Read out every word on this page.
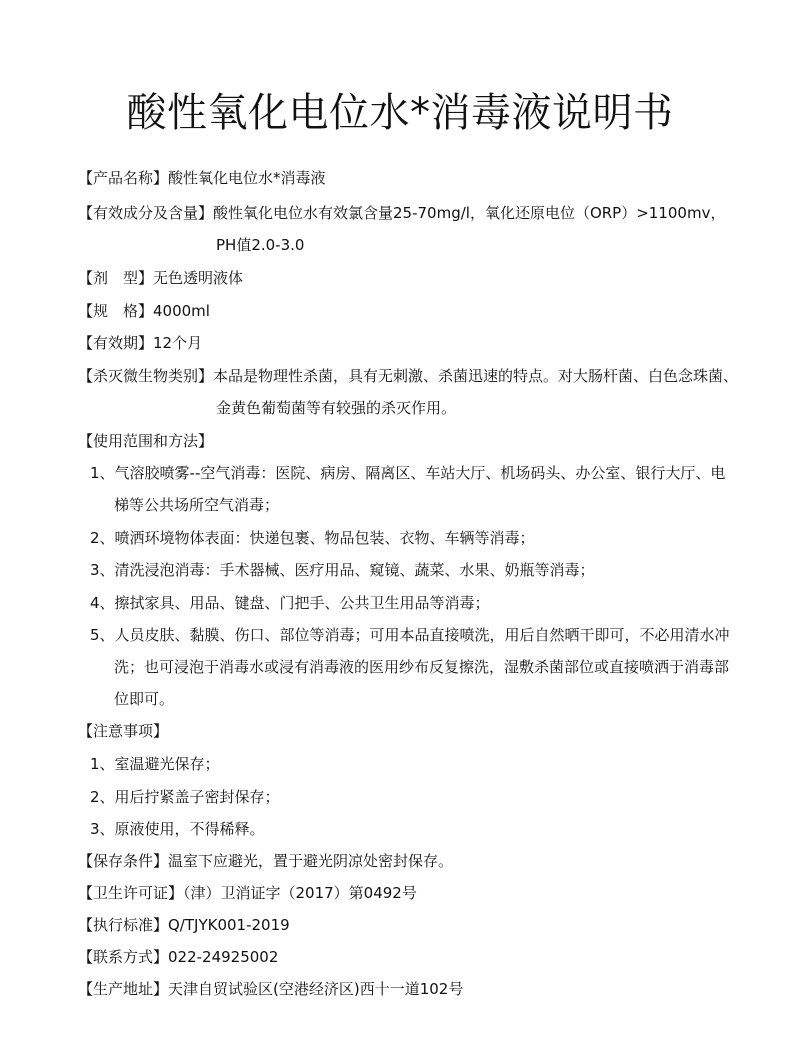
酸性氧化电位水*消毒液说明书
【产品名称】酸性氧化电位水*消毒液
【有效成分及含量】酸性氧化电位水有效氯含量25-70mg/l，氧化还原电位（ORP）>1100mv，
PH值2.0-3.0
【剂　型】无色透明液体
【规　格】4000ml
【有效期】12个月
【杀灭微生物类别】本品是物理性杀菌，具有无刺激、杀菌迅速的特点。对大肠杆菌、白色念珠菌、
金黄色葡萄菌等有较强的杀灭作用。
【使用范围和方法】
1、气溶胶喷雾--空气消毒：医院、病房、隔离区、车站大厅、机场码头、办公室、银行大厅、电
梯等公共场所空气消毒；
2、喷洒环境物体表面：快递包裹、物品包装、衣物、车辆等消毒；
3、清洗浸泡消毒：手术器械、医疗用品、窥镜、蔬菜、水果、奶瓶等消毒；
4、擦拭家具、用品、键盘、门把手、公共卫生用品等消毒；
5、人员皮肤、黏膜、伤口、部位等消毒；可用本品直接喷洗，用后自然晒干即可，不必用清水冲
洗；也可浸泡于消毒水或浸有消毒液的医用纱布反复擦洗，湿敷杀菌部位或直接喷洒于消毒部
位即可。
【注意事项】
1、室温避光保存；
2、用后拧紧盖子密封保存；
3、原液使用，不得稀释。
【保存条件】温室下应避光，置于避光阴凉处密封保存。
【卫生许可证】（津）卫消证字（2017）第0492号
【执行标准】Q/TJYK001-2019
【联系方式】022-24925002
【生产地址】天津自贸试验区(空港经济区)西十一道102号
